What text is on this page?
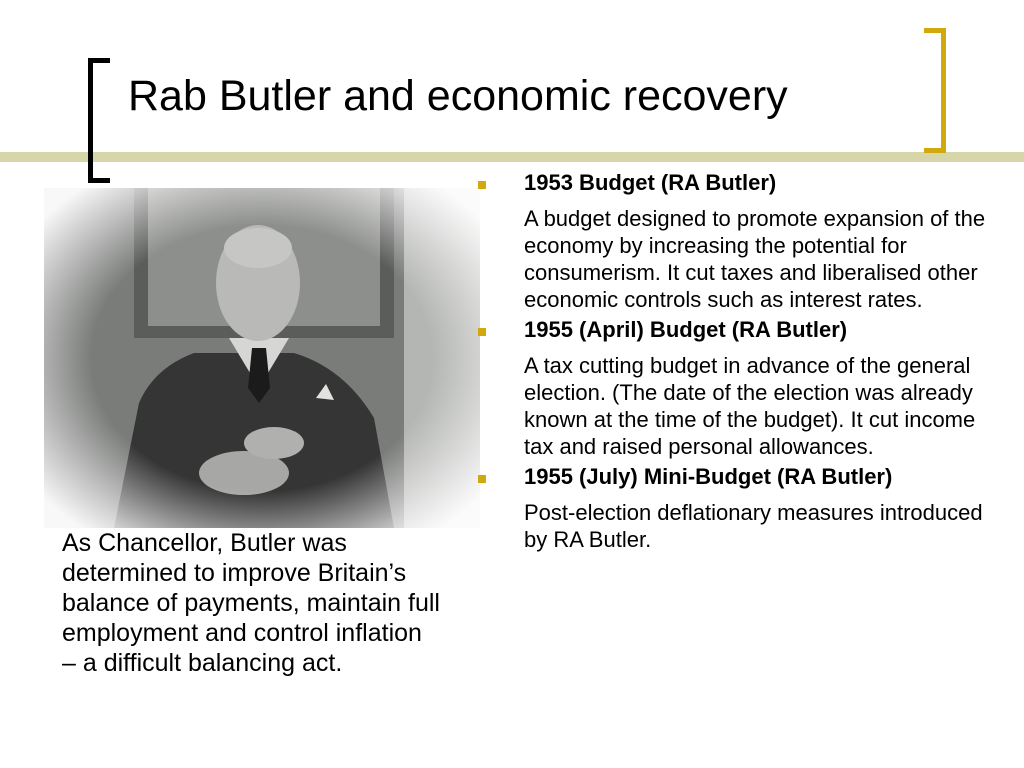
Rab Butler and economic recovery
As Chancellor, Butler was determined to improve Britain’s balance of payments, maintain full employment and control inflation – a difficult balancing act.
1953 Budget (RA Butler)
A budget designed to promote expansion of the economy by increasing the potential for consumerism. It cut taxes and liberalised other economic controls such as interest rates.
1955 (April) Budget (RA Butler)
A tax cutting budget in advance of the general election. (The date of the election was already known at the time of the budget). It cut income tax and raised personal allowances.
1955 (July) Mini-Budget (RA Butler)
Post-election deflationary measures introduced by RA Butler.
